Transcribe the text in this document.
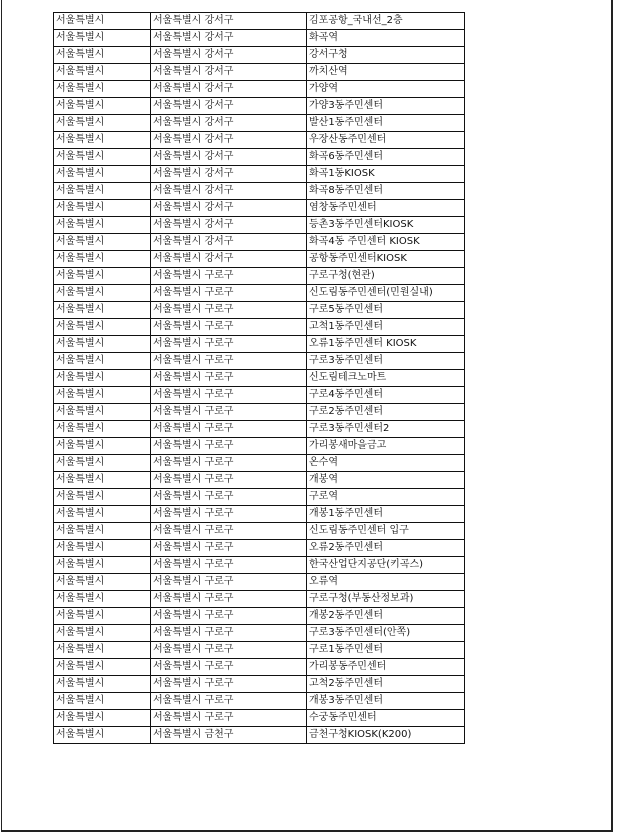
서울특별시	서울특별시 강서구	김포공항_국내선_2층
서울특별시	서울특별시 강서구	화곡역
서울특별시	서울특별시 강서구	강서구청
서울특별시	서울특별시 강서구	까치산역
서울특별시	서울특별시 강서구	가양역
서울특별시	서울특별시 강서구	가양3동주민센터
서울특별시	서울특별시 강서구	발산1동주민센터
서울특별시	서울특별시 강서구	우장산동주민센터
서울특별시	서울특별시 강서구	화곡6동주민센터
서울특별시	서울특별시 강서구	화곡1동KIOSK
서울특별시	서울특별시 강서구	화곡8동주민센터
서울특별시	서울특별시 강서구	염창동주민센터
서울특별시	서울특별시 강서구	등촌3동주민센터KIOSK
서울특별시	서울특별시 강서구	화곡4동 주민센터 KIOSK
서울특별시	서울특별시 강서구	공항동주민센터KIOSK
서울특별시	서울특별시 구로구	구로구청(현관)
서울특별시	서울특별시 구로구	신도림동주민센터(민원실내)
서울특별시	서울특별시 구로구	구로5동주민센터
서울특별시	서울특별시 구로구	고척1동주민센터
서울특별시	서울특별시 구로구	오류1동주민센터 KIOSK
서울특별시	서울특별시 구로구	구로3동주민센터
서울특별시	서울특별시 구로구	신도림테크노마트
서울특별시	서울특별시 구로구	구로4동주민센터
서울특별시	서울특별시 구로구	구로2동주민센터
서울특별시	서울특별시 구로구	구로3동주민센터2
서울특별시	서울특별시 구로구	가리봉새마을금고
서울특별시	서울특별시 구로구	온수역
서울특별시	서울특별시 구로구	개봉역
서울특별시	서울특별시 구로구	구로역
서울특별시	서울특별시 구로구	개봉1동주민센터
서울특별시	서울특별시 구로구	신도림동주민센터 입구
서울특별시	서울특별시 구로구	오류2동주민센터
서울특별시	서울특별시 구로구	한국산업단지공단(키곡스)
서울특별시	서울특별시 구로구	오류역
서울특별시	서울특별시 구로구	구로구청(부동산정보과)
서울특별시	서울특별시 구로구	개봉2동주민센터
서울특별시	서울특별시 구로구	구로3동주민센터(안쪽)
서울특별시	서울특별시 구로구	구로1동주민센터
서울특별시	서울특별시 구로구	가리봉동주민센터
서울특별시	서울특별시 구로구	고척2동주민센터
서울특별시	서울특별시 구로구	개봉3동주민센터
서울특별시	서울특별시 구로구	수궁동주민센터
서울특별시	서울특별시 금천구	금천구청KIOSK(K200)
